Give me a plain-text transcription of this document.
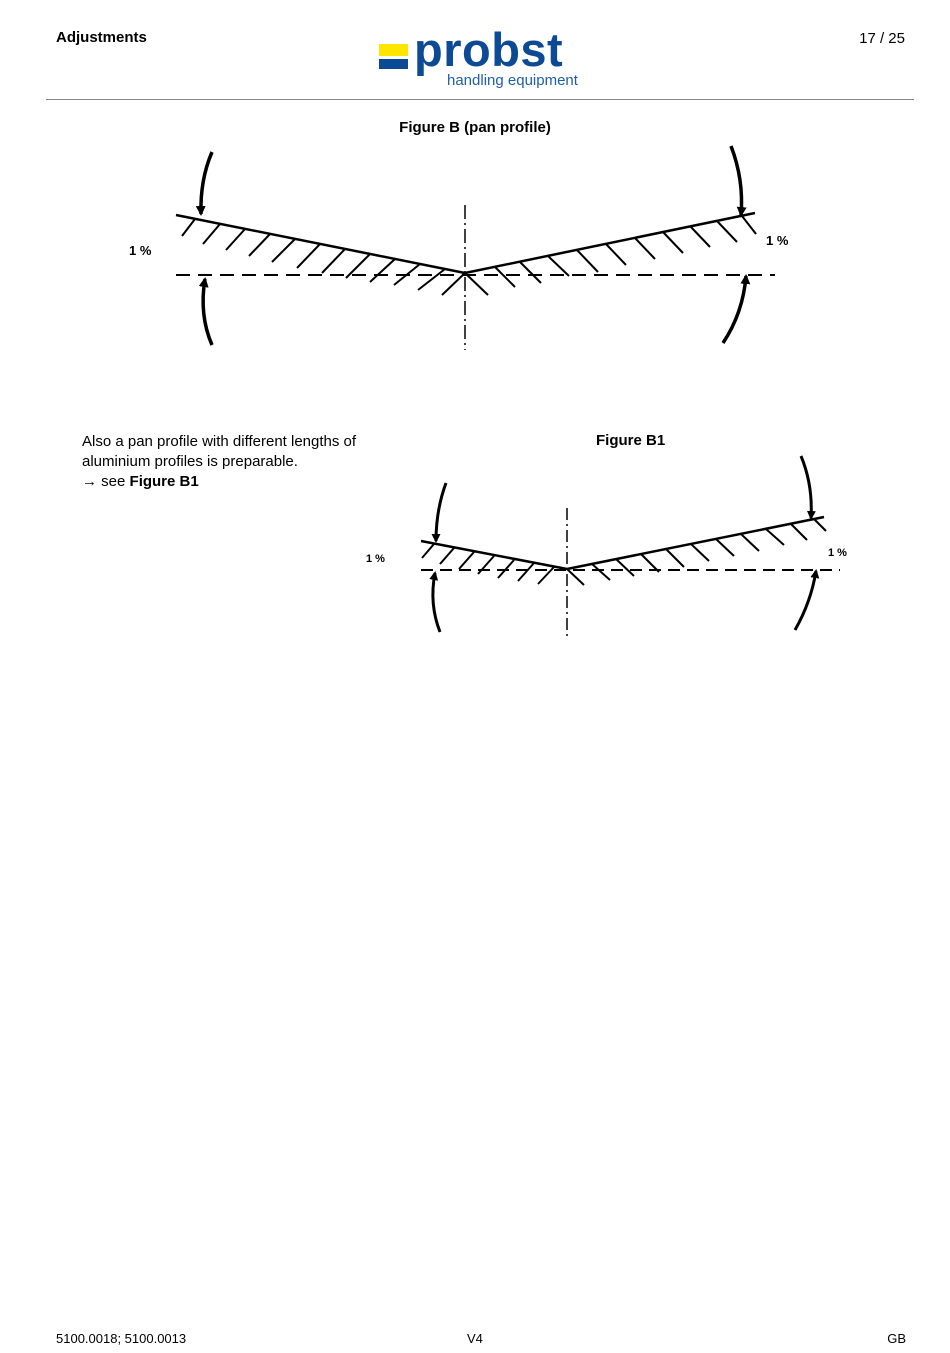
Adjustments	17 / 25
probst
handling equipment
Figure B (pan profile)
1 %
1 %

Also a pan profile with different lengths of

aluminium profiles is preparable.

→ see Figure B1

Figure B1
1 %	1 %
5100.0018; 5100.0013	V4	GB
